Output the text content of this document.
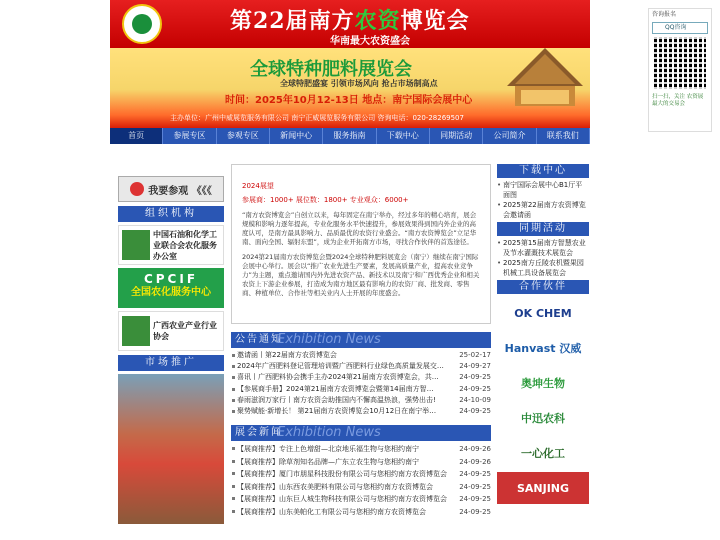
第22届南方农资博览会
华南最大农资盛会
全球特种肥料展览会
全球特肥盛宴 引领市场风向 抢占市场制高点
时间：2025年10月12-13日 地点：南宁国际会展中心
主办单位：广州中威展览服务有限公司 南宁正威展览服务有限公司 咨询电话：020-28269507
首页	参展专区	参观专区	新闻中心	服务指南	下载中心	同期活动	公司简介	联系我们
我要参观 《《《
组织机构
中国石油和化学工业联合会农化服务办公室
CPCIF
全国农化服务中心
广西农业产业行业协会
市场推广
2024展望
参展商：1000+ 展位数：1800+ 专业观众：6000+

“南方农资博览会”自创立以来，每年固定在南宁举办，经过多年的精心培育，展会规模和影响力逐年提高，专业化服务水平快速提升，参展效果得到国内外企业的高度认可，是南方最具影响力、品质最优的农资行业盛会。“南方农资博览会”立足华南、面向全国、辐射东盟”，成为企业开拓南方市场，寻找合作伙伴的首选途径。

2024第21届南方农资博览会暨2024全球特种肥料展览会（南宁）继续在南宁国际会展中心举行。展会以“推广农业先进生产要素，发展高质量产业，提高农业竞争力”为主题，重点邀请国内外先进农资产品、新技术以及南宁和广西优秀企业和相关农资上下游企业参展，打造成为南方地区最有影响力的农资厂商、批发商、零售商、种植单位、合作社等相关业内人士开展的年度盛会。

公告通知
Exhibition News
邀请函丨第22届南方农资博览会	25-02-17
2024年广西肥料登记管理培训暨广西肥料行业绿色高质量发展交… 24-09-27
喜讯丨广西肥料协会携手主办2024第21届南方农资博览会，共…	24-09-25
【参展商手册】2024第21届南方农资博览会暨第14届南方智…	24-09-25
春雨滋润万家行丨南方农资会助推国内不懈高温热浪，强势出击!	24-10-09
聚势赋能·新增长！ 第21届南方农资博览会10月12日在南宁举…	24-09-25
展会新闻
Exhibition News
【展商推荐】专注上色增甜—北京地乐福生物与您相约南宁	24-09-26
【展商推荐】除草剂知名品牌—广东立农生物与您相约南宁	24-09-26
【展商推荐】厦门市朋星科技股份有限公司与您相约南方农资博览会 24-09-25
【展商推荐】山东西农美肥料有限公司与您相约南方农资博览会	24-09-25
【展商推荐】山东巨人城生物科技有限公司与您相约南方农资博览会 24-09-25
【展商推荐】山东美帕化工有限公司与您相约南方农资博览会	24-09-25
下载中心
• 南宁国际会展中心B1厅平面图
• 2025第22届南方农资博览会邀请函
同期活动
• 2025第15届南方智慧农业及节水灌溉技术展览会
• 2025南方丘陵农机暨果园机械工具设备展览会
合作伙伴
OK CHEM
Hanvast 汉威
奥坤生物
中迅农科
一心化工
SANJING
咨询报名
QQ咨询
扫一扫，关注 农资展最大的交易会
